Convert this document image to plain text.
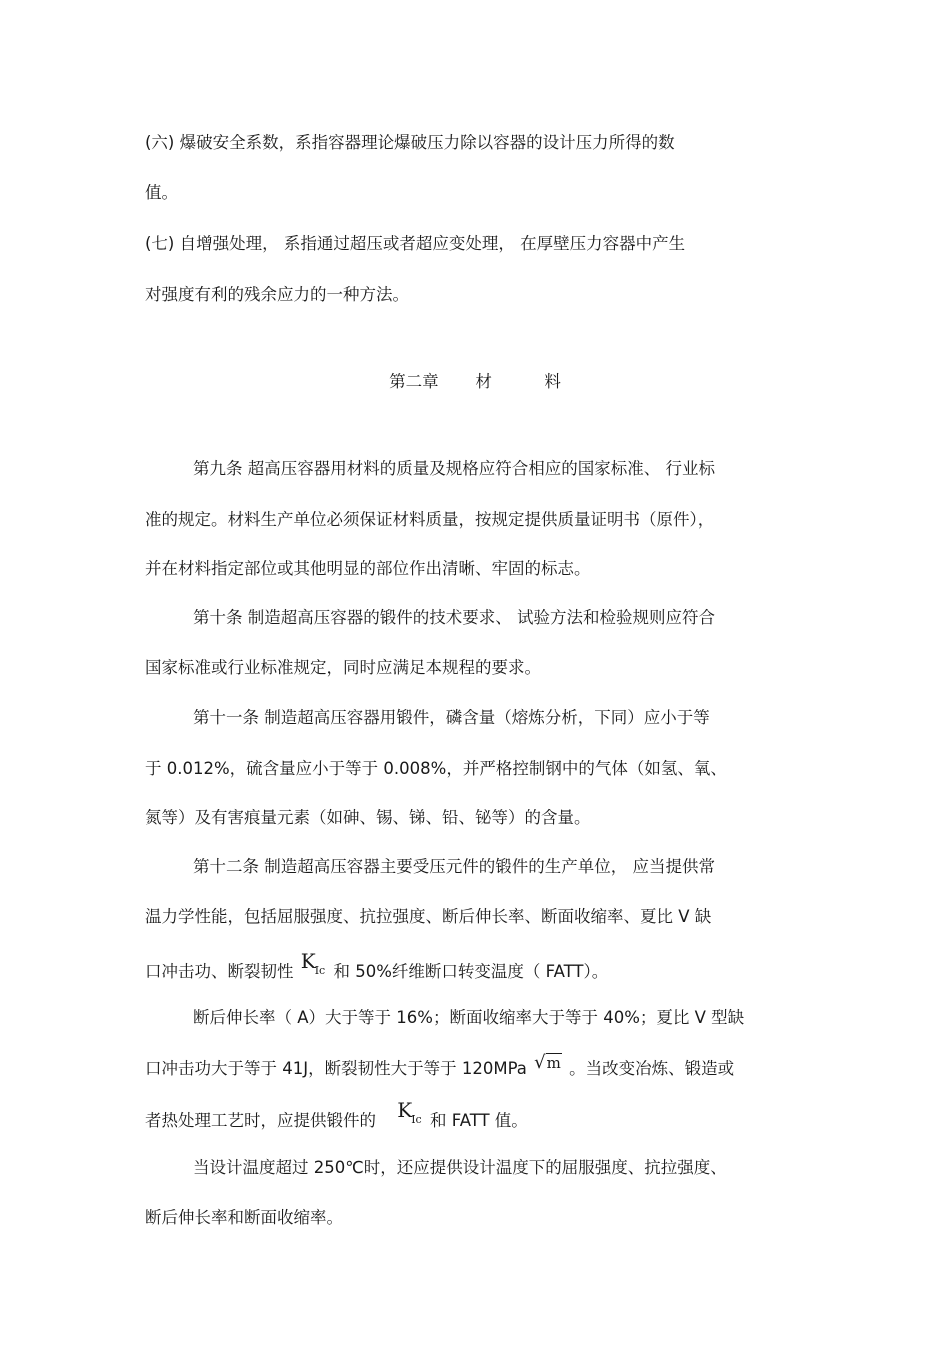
(六) 爆破安全系数，系指容器理论爆破压力除以容器的设计压力所得的数
值。
(七) 自增强处理， 系指通过超压或者超应变处理， 在厚壁压力容器中产生
对强度有利的残余应力的一种方法。
第二章       材          料
第九条 超高压容器用材料的质量及规格应符合相应的国家标准、 行业标
准的规定。材料生产单位必须保证材料质量，按规定提供质量证明书（原件），
并在材料指定部位或其他明显的部位作出清晰、牢固的标志。
第十条 制造超高压容器的锻件的技术要求、 试验方法和检验规则应符合
国家标准或行业标准规定，同时应满足本规程的要求。
第十一条 制造超高压容器用锻件，磷含量（熔炼分析，下同）应小于等
于 0.012%，硫含量应小于等于 0.008%，并严格控制钢中的气体（如氢、氧、
氮等）及有害痕量元素（如砷、锡、锑、铅、铋等）的含量。
第十二条 制造超高压容器主要受压元件的锻件的生产单位， 应当提供常
温力学性能，包括屈服强度、抗拉强度、断后伸长率、断面收缩率、夏比 V 缺
口冲击功、断裂韧性 $K_{Ic}$ 和 50%纤维断口转变温度（ FATT）。
断后伸长率（ A）大于等于 16%；断面收缩率大于等于 40%；夏比 V 型缺
口冲击功大于等于 41J，断裂韧性大于等于 120MPa √m 。当改变冶炼、锻造或
者热处理工艺时，应提供锻件的 $K_{Ic}$ 和 FATT 值。
当设计温度超过 250℃时，还应提供设计温度下的屈服强度、抗拉强度、
断后伸长率和断面收缩率。
